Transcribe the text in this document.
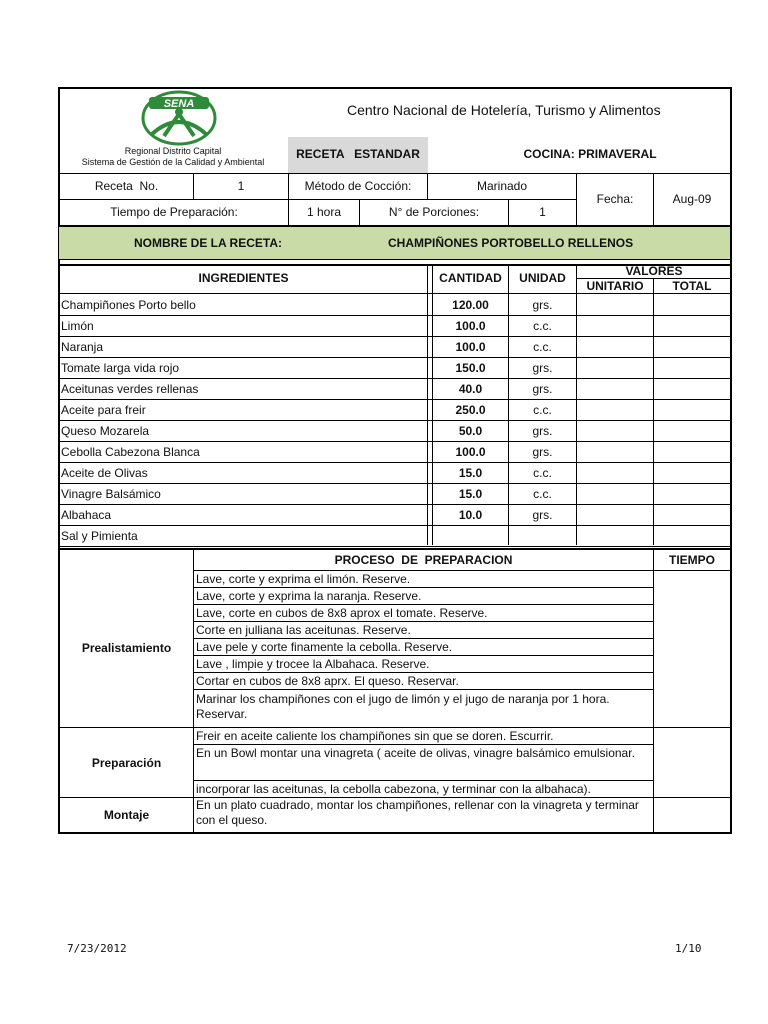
SENA	Centro Nacional de Hotelería, Turismo y Alimentos
Regional Distrito Capital
Sistema de Gestión de la Calidad y Ambiental
RECETA   ESTANDAR	COCINA: PRIMAVERAL
Receta  No.	1	Método de Cocción:	Marinado
Fecha:	Aug-09
Tiempo de Preparación:	1 hora	N° de Porciones:	1
NOMBRE DE LA RECETA:	CHAMPIÑONES PORTOBELLO RELLENOS
INGREDIENTES	CANTIDAD	UNIDAD	VALORES
UNITARIO	TOTAL
Champiñones Porto bello	120.00	grs.
Limón	100.0	c.c.
Naranja	100.0	c.c.
Tomate larga vida rojo	150.0	grs.
Aceitunas verdes rellenas	40.0	grs.
Aceite para freir	250.0	c.c.
Queso Mozarela	50.0	grs.
Cebolla Cabezona Blanca	100.0	grs.
Aceite de Olivas	15.0	c.c.
Vinagre Balsámico	15.0	c.c.
Albahaca	10.0	grs.
Sal y Pimienta
PROCESO  DE  PREPARACION	TIEMPO
Lave, corte y exprima el limón. Reserve.
Lave, corte y exprima la naranja. Reserve.
Lave, corte en cubos de 8x8 aprox el tomate. Reserve.
Corte en julliana las aceitunas. Reserve.
Lave pele y corte finamente la cebolla. Reserve.
Lave , limpie y trocee la Albahaca. Reserve.
Cortar en cubos de 8x8 aprx. El queso. Reservar.
Marinar los champiñones con el jugo de limón y el jugo de naranja por 1 hora.
Reservar.
Prealistamiento
Freir en aceite caliente los champiñones sin que se doren. Escurrir.
En un Bowl montar una vinagreta ( aceite de olivas, vinagre balsámico emulsionar.
incorporar las aceitunas, la cebolla cabezona, y terminar con la albahaca).
Preparación
En un plato cuadrado, montar los champiñones, rellenar con la vinagreta y terminar
con el queso.
Montaje
7/23/2012	1/10
